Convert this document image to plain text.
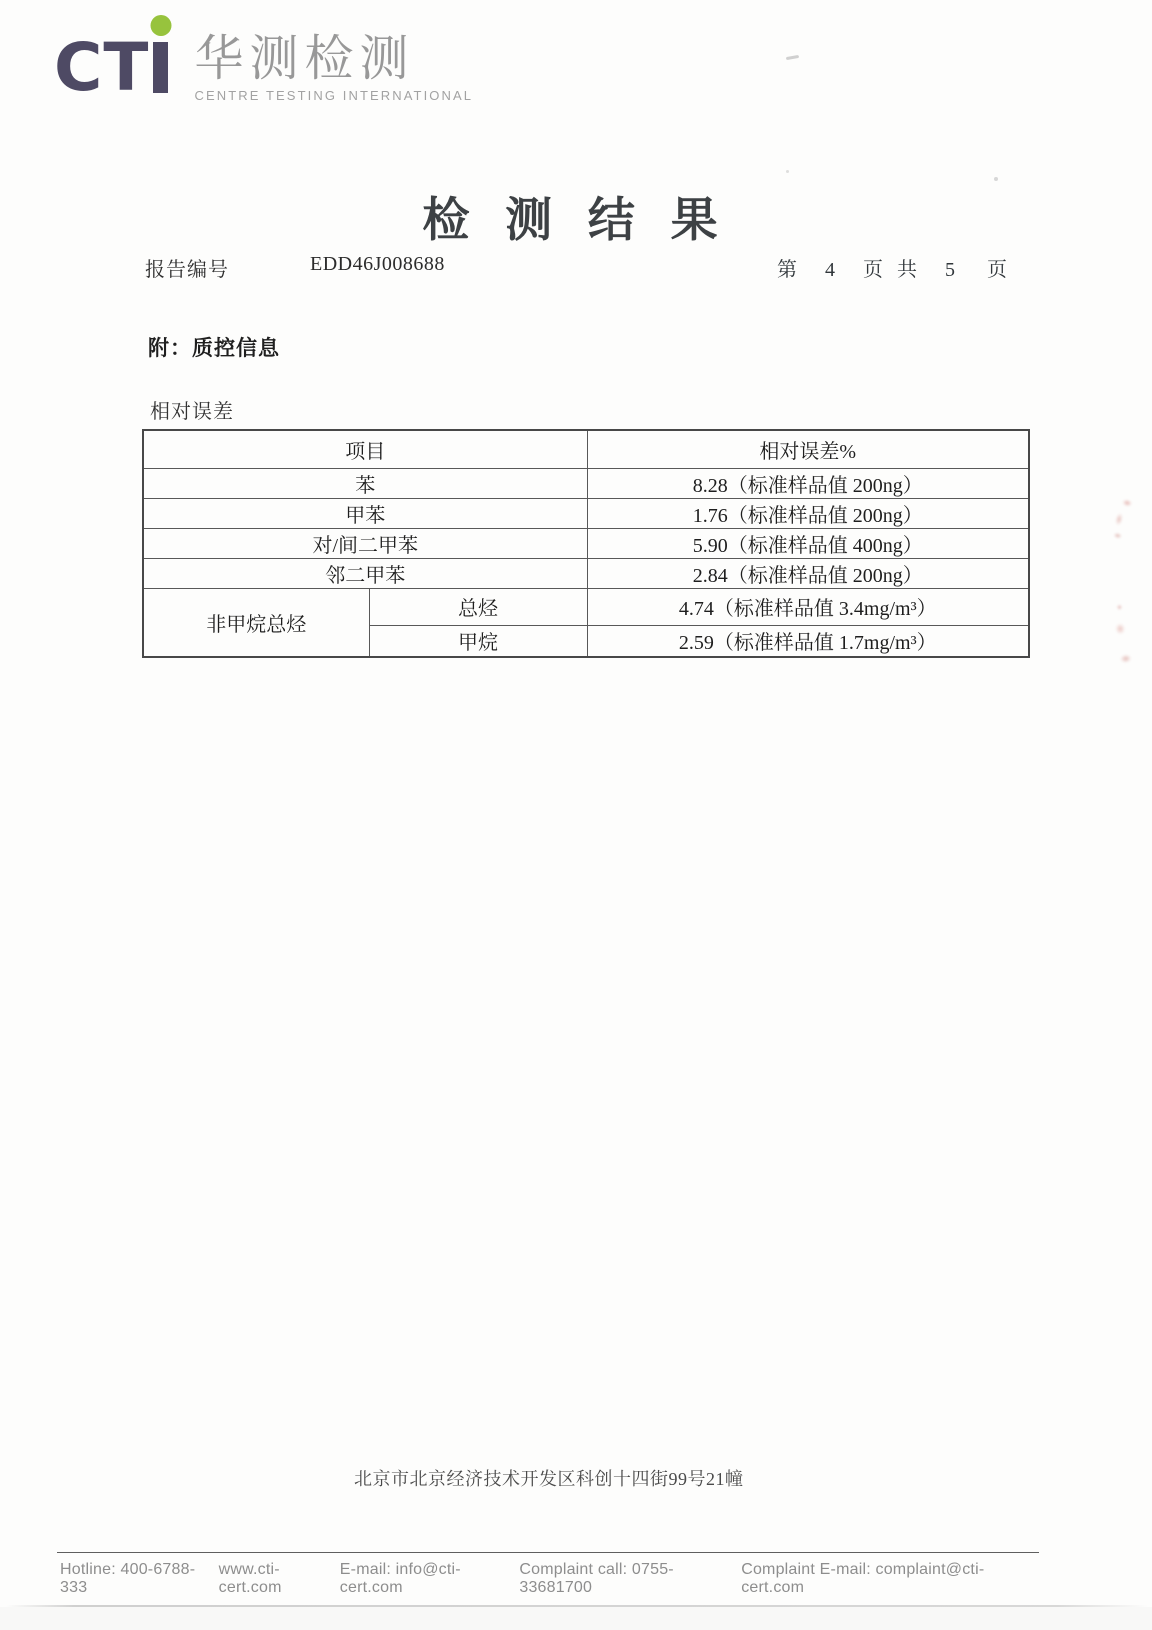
CT 华测检测
CENTRE TESTING INTERNATIONAL
检 测 结 果
报告编号	EDD46J008688	第 4 页 共 5 页
附：质控信息
相对误差
项目		相对误差%
苯		8.28（标准样品值 200ng）
甲苯		1.76（标准样品值 200ng）
对/间二甲苯		5.90（标准样品值 400ng）
邻二甲苯		2.84（标准样品值 200ng）
非甲烷总烃	总烃	4.74（标准样品值 3.4mg/m³）
	甲烷	2.59（标准样品值 1.7mg/m³）
北京市北京经济技术开发区科创十四街99号21幢
Hotline: 400-6788-333
www.cti-cert.com
E-mail: info@cti-cert.com
Complaint call: 0755-33681700
Complaint E-mail: complaint@cti-cert.com
